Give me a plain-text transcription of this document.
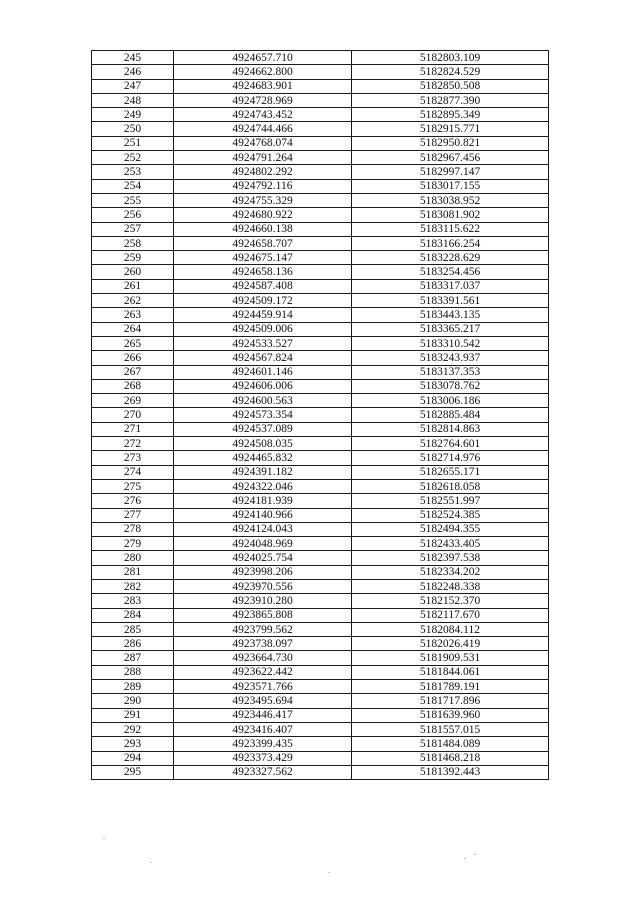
245	4924657.710	5182803.109
246	4924662.800	5182824.529
247	4924683.901	5182850.508
248	4924728.969	5182877.390
249	4924743.452	5182895.349
250	4924744.466	5182915.771
251	4924768.074	5182950.821
252	4924791.264	5182967.456
253	4924802.292	5182997.147
254	4924792.116	5183017.155
255	4924755.329	5183038.952
256	4924680.922	5183081.902
257	4924660.138	5183115.622
258	4924658.707	5183166.254
259	4924675.147	5183228.629
260	4924658.136	5183254.456
261	4924587.408	5183317.037
262	4924509.172	5183391.561
263	4924459.914	5183443.135
264	4924509.006	5183365.217
265	4924533.527	5183310.542
266	4924567.824	5183243.937
267	4924601.146	5183137.353
268	4924606.006	5183078.762
269	4924600.563	5183006.186
270	4924573.354	5182885.484
271	4924537.089	5182814.863
272	4924508.035	5182764.601
273	4924465.832	5182714.976
274	4924391.182	5182655.171
275	4924322.046	5182618.058
276	4924181.939	5182551.997
277	4924140.966	5182524.385
278	4924124.043	5182494.355
279	4924048.969	5182433.405
280	4924025.754	5182397.538
281	4923998.206	5182334.202
282	4923970.556	5182248.338
283	4923910.280	5182152.370
284	4923865.808	5182117.670
285	4923799.562	5182084.112
286	4923738.097	5182026.419
287	4923664.730	5181909.531
288	4923622.442	5181844.061
289	4923571.766	5181789.191
290	4923495.694	5181717.896
291	4923446.417	5181639.960
292	4923416.407	5181557.015
293	4923399.435	5181484.089
294	4923373.429	5181468.218
295	4923327.562	5181392.443
